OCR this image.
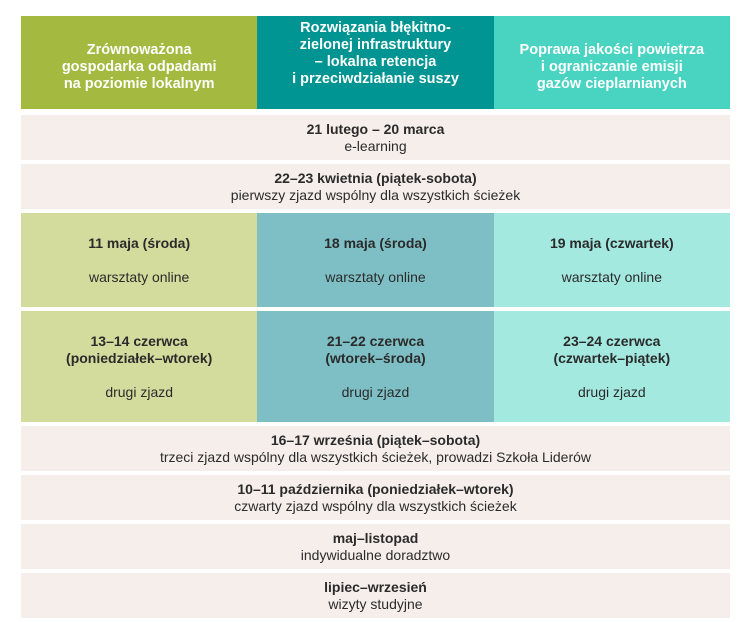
Zrównoważona
gospodarka odpadami
na poziomie lokalnym
Rozwiązania błękitno-
zielonej infrastruktury
– lokalna retencja
i przeciwdziałanie suszy
Poprawa jakości powietrza
i ograniczanie emisji
gazów cieplarnianych
21 lutego – 20 marca
e-learning
22–23 kwietnia (piątek-sobota)
pierwszy zjazd wspólny dla wszystkich ścieżek

11 maja (środa)

warsztaty online

18 maja (środa)

warsztaty online

19 maja (czwartek)

warsztaty online

13–14 czerwca
(poniedziałek–wtorek)

drugi zjazd

21–22 czerwca
(wtorek–środa)

drugi zjazd

23–24 czerwca
(czwartek–piątek)

drugi zjazd

16–17 września (piątek–sobota)
trzeci zjazd wspólny dla wszystkich ścieżek, prowadzi Szkoła Liderów
10–11 października (poniedziałek–wtorek)
czwarty zjazd wspólny dla wszystkich ścieżek
maj–listopad
indywidualne doradztwo
lipiec–wrzesień
wizyty studyjne
